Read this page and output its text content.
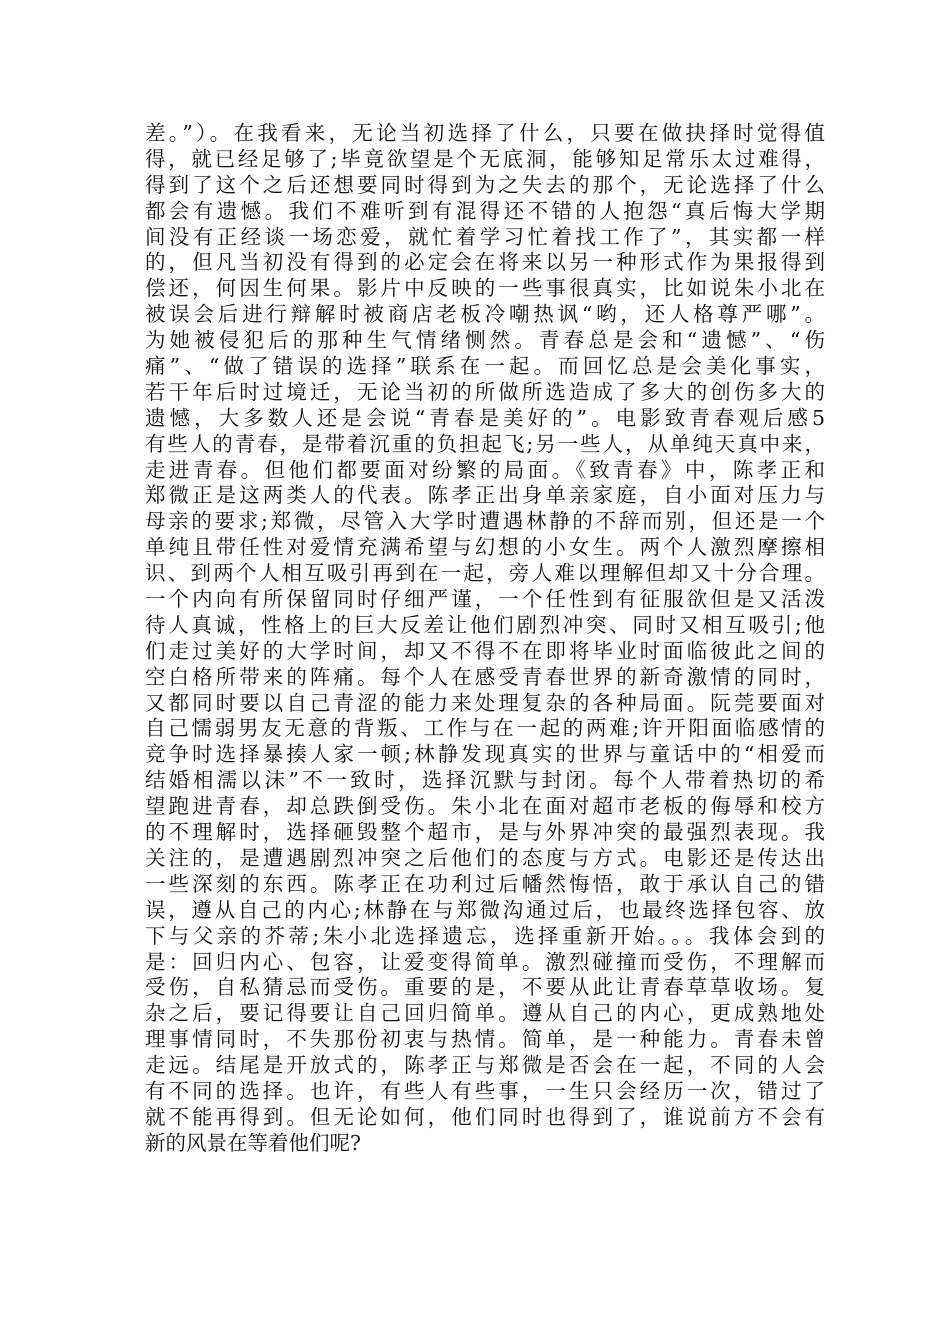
差。”）。在我看来，无论当初选择了什么，只要在做抉择时觉得值
得，就已经足够了;毕竟欲望是个无底洞，能够知足常乐太过难得，
得到了这个之后还想要同时得到为之失去的那个，无论选择了什么
都会有遗憾。我们不难听到有混得还不错的人抱怨“真后悔大学期
间没有正经谈一场恋爱，就忙着学习忙着找工作了”，其实都一样
的，但凡当初没有得到的必定会在将来以另一种形式作为果报得到
偿还，何因生何果。影片中反映的一些事很真实，比如说朱小北在
被误会后进行辩解时被商店老板冷嘲热讽“哟，还人格尊严哪”。
为她被侵犯后的那种生气情绪恻然。青春总是会和“遗憾”、“伤
痛”、“做了错误的选择”联系在一起。而回忆总是会美化事实，
若干年后时过境迁，无论当初的所做所选造成了多大的创伤多大的
遗憾，大多数人还是会说“青春是美好的”。电影致青春观后感5
有些人的青春，是带着沉重的负担起飞;另一些人，从单纯天真中来，
走进青春。但他们都要面对纷繁的局面。《致青春》中，陈孝正和
郑微正是这两类人的代表。陈孝正出身单亲家庭，自小面对压力与
母亲的要求;郑微，尽管入大学时遭遇林静的不辞而别，但还是一个
单纯且带任性对爱情充满希望与幻想的小女生。两个人激烈摩擦相
识、到两个人相互吸引再到在一起，旁人难以理解但却又十分合理。
一个内向有所保留同时仔细严谨，一个任性到有征服欲但是又活泼
待人真诚，性格上的巨大反差让他们剧烈冲突、同时又相互吸引;他
们走过美好的大学时间，却又不得不在即将毕业时面临彼此之间的
空白格所带来的阵痛。每个人在感受青春世界的新奇激情的同时，
又都同时要以自己青涩的能力来处理复杂的各种局面。阮莞要面对
自己懦弱男友无意的背叛、工作与在一起的两难;许开阳面临感情的
竞争时选择暴揍人家一顿;林静发现真实的世界与童话中的“相爱而
结婚相濡以沫”不一致时，选择沉默与封闭。每个人带着热切的希
望跑进青春，却总跌倒受伤。朱小北在面对超市老板的侮辱和校方
的不理解时，选择砸毁整个超市，是与外界冲突的最强烈表现。我
关注的，是遭遇剧烈冲突之后他们的态度与方式。电影还是传达出
一些深刻的东西。陈孝正在功利过后幡然悔悟，敢于承认自己的错
误，遵从自己的内心;林静在与郑微沟通过后，也最终选择包容、放
下与父亲的芥蒂;朱小北选择遗忘，选择重新开始。。。我体会到的
是：回归内心、包容，让爱变得简单。激烈碰撞而受伤，不理解而
受伤，自私猜忌而受伤。重要的是，不要从此让青春草草收场。复
杂之后，要记得要让自己回归简单。遵从自己的内心，更成熟地处
理事情同时，不失那份初衷与热情。简单，是一种能力。青春未曾
走远。结尾是开放式的，陈孝正与郑微是否会在一起，不同的人会
有不同的选择。也许，有些人有些事，一生只会经历一次，错过了
就不能再得到。但无论如何，他们同时也得到了，谁说前方不会有
新的风景在等着他们呢?
